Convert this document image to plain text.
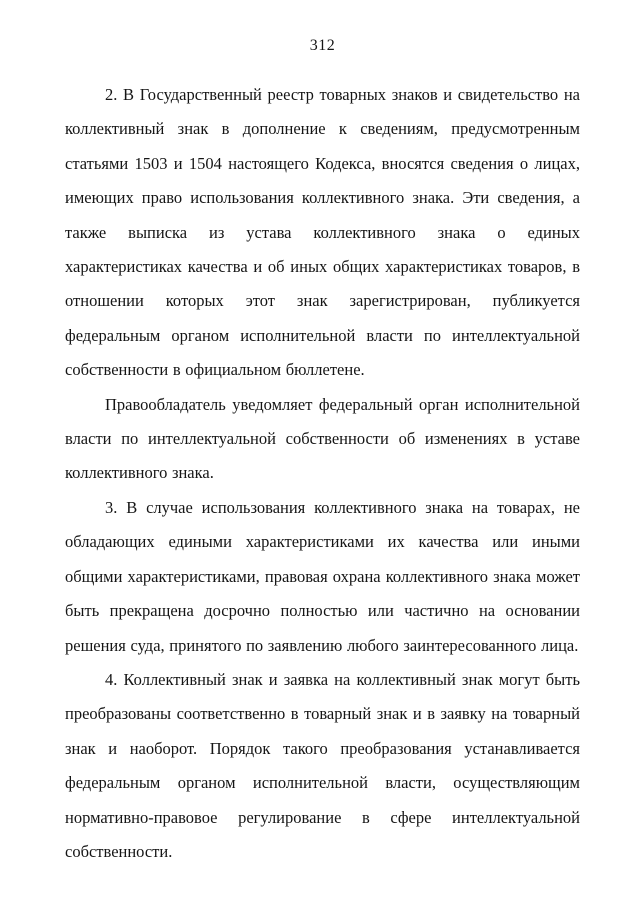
312

2. В Государственный реестр товарных знаков и свидетельство на коллективный знак в дополнение к сведениям, предусмотренным статьями 1503 и 1504 настоящего Кодекса, вносятся сведения о лицах, имеющих право использования коллективного знака. Эти сведения, а также выписка из устава коллективного знака о единых характеристиках качества и об иных общих характеристиках товаров, в отношении которых этот знак зарегистрирован, публикуется федеральным органом исполнительной власти по интеллектуальной собственности в официальном бюллетене.

Правообладатель уведомляет федеральный орган исполнительной власти по интеллектуальной собственности об изменениях в уставе коллективного знака.

3. В случае использования коллективного знака на товарах, не обладающих едиными характеристиками их качества или иными общими характеристиками, правовая охрана коллективного знака может быть прекращена досрочно полностью или частично на основании решения суда, принятого по заявлению любого заинтересованного лица.

4. Коллективный знак и заявка на коллективный знак могут быть преобразованы соответственно в товарный знак и в заявку на товарный знак и наоборот. Порядок такого преобразования устанавливается федеральным органом исполнительной власти, осуществляющим нормативно-правовое регулирование в сфере интеллектуальной собственности.
